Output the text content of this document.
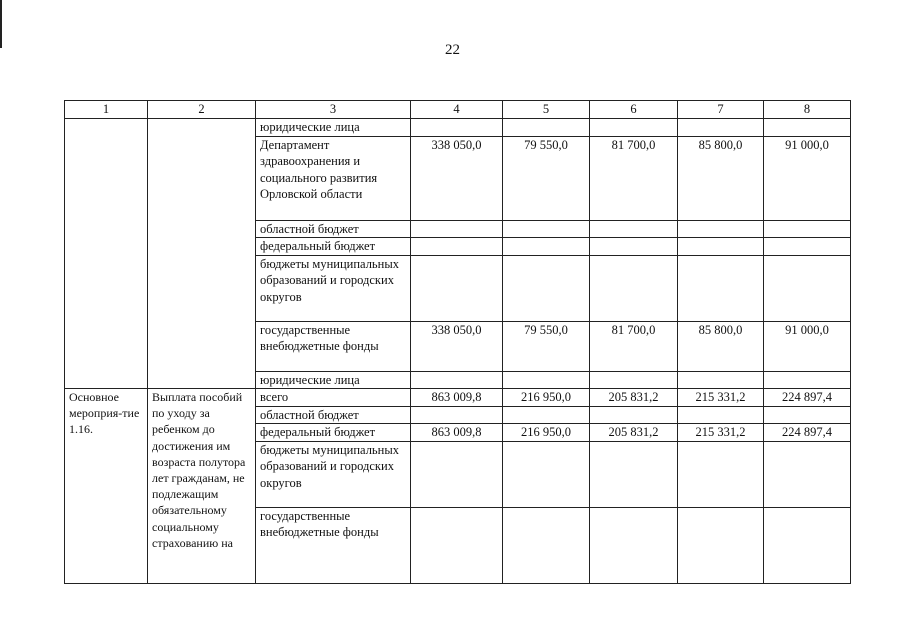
22
1	2	3	4	5	6	7	8
		юридические лица					
		Департамент здравоохранения и социального развития Орловской области	338 050,0	79 550,0	81 700,0	85 800,0	91 000,0
		областной бюджет					
		федеральный бюджет					
		бюджеты муниципальных образований и городских округов					
		государственные внебюджетные фонды	338 050,0	79 550,0	81 700,0	85 800,0	91 000,0
		юридические лица					
Основное мероприя-тие 1.16.	Выплата пособий по уходу за ребенком до достижения им возраста полутора лет гражданам, не подлежащим обязательному социальному страхованию на	всего	863 009,8	216 950,0	205 831,2	215 331,2	224 897,4
		областной бюджет					
		федеральный бюджет	863 009,8	216 950,0	205 831,2	215 331,2	224 897,4
		бюджеты муниципальных образований и городских округов					
		государственные внебюджетные фонды					
